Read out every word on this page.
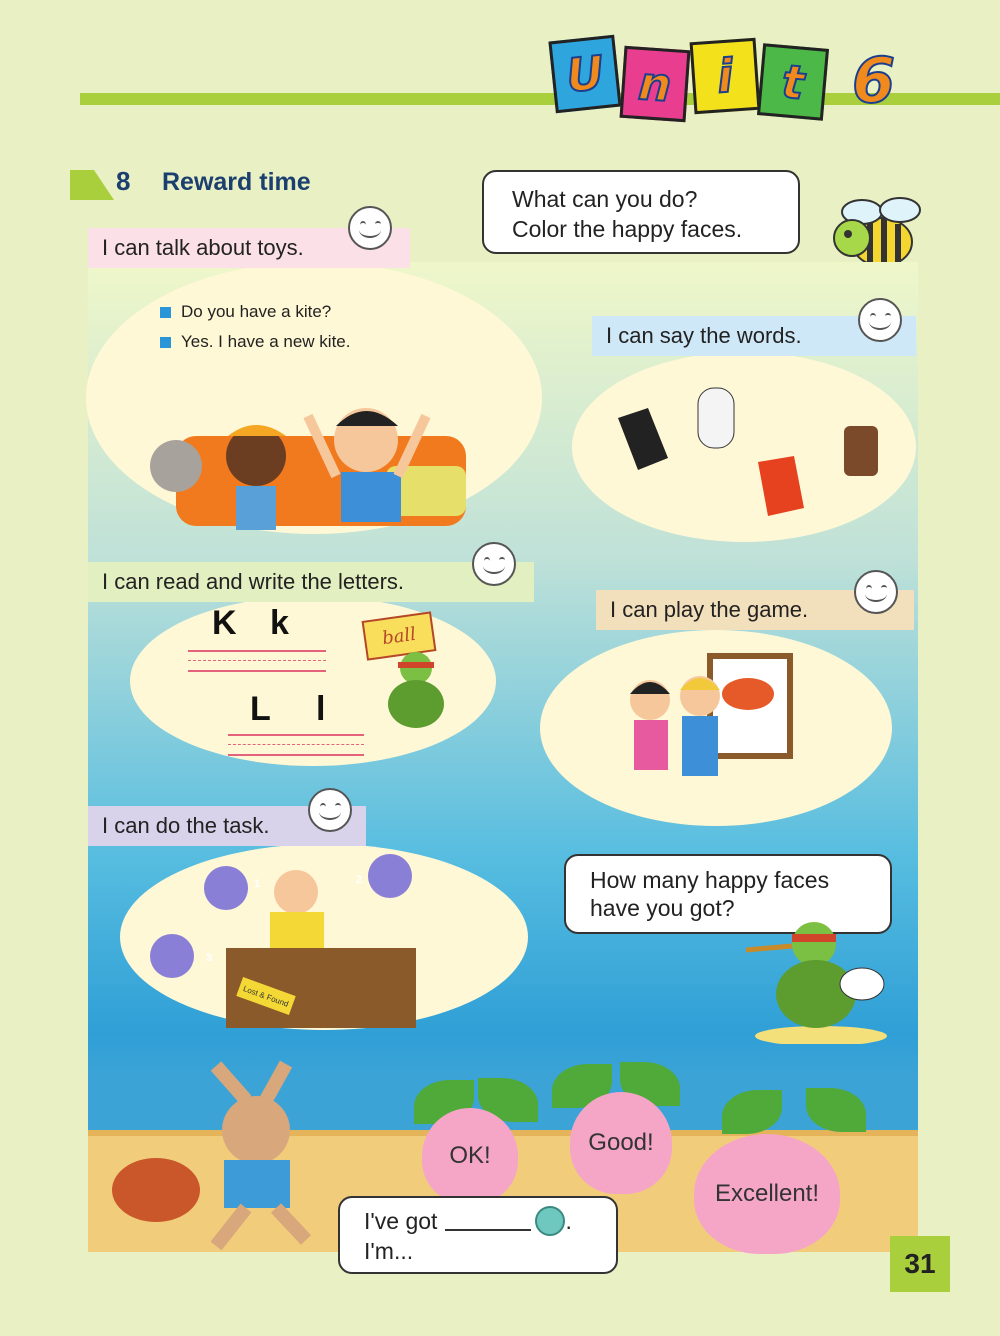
U n i t 6
8 Reward time
What can you do?
Color the happy faces.
I can talk about toys.
Do you have a kite?
Yes. I have a new kite.	I can say the words.
I can read and write the letters.
K k
L l
ball
I can play the game.
I can do the task.
1	2
3
Lost & Found
How many happy faces
have you got?
OK!	Good!
Excellent!
I've got	.
I'm...	31
